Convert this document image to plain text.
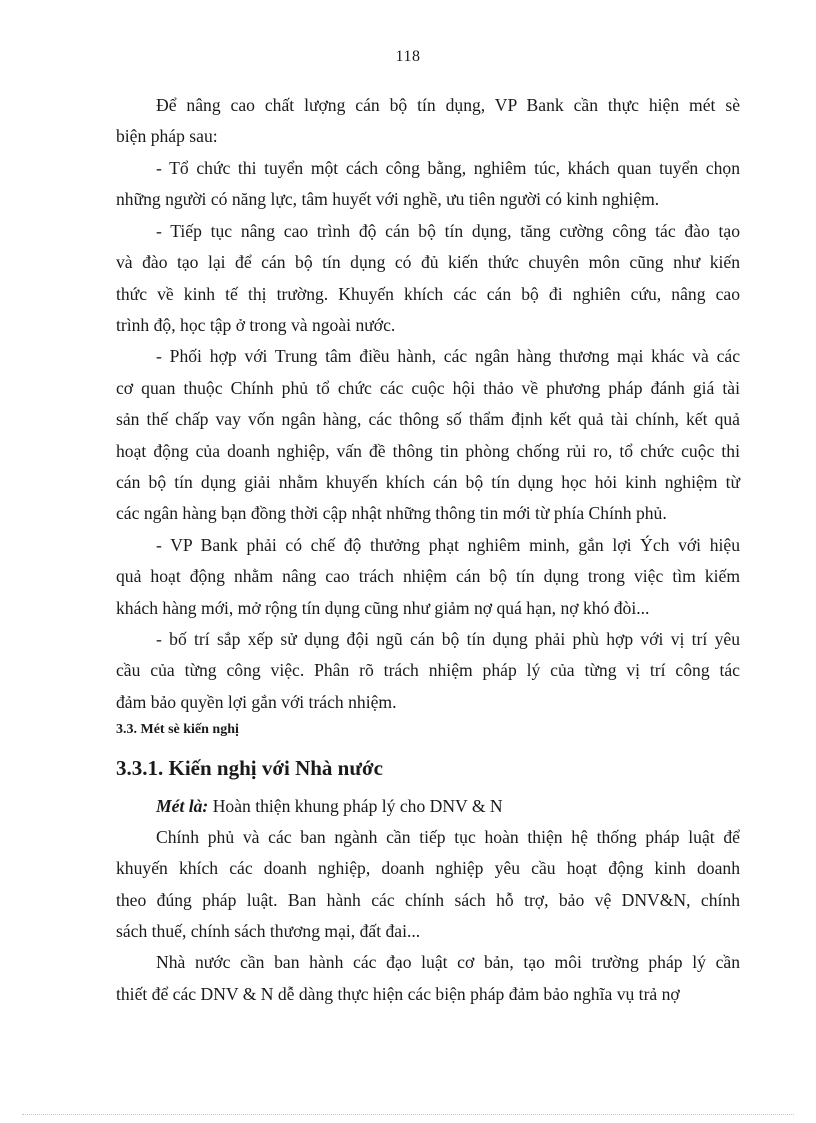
118
Để nâng cao chất lượng cán bộ tín dụng, VP Bank cần thực hiện mét sè
biện pháp sau:
- Tổ chức thi tuyển một cách công bằng, nghiêm túc, khách quan tuyển chọn
những người có năng lực, tâm huyết với nghề, ưu tiên người có kinh nghiệm.
- Tiếp tục nâng cao trình độ cán bộ tín dụng, tăng cường công tác đào tạo
và đào tạo lại để cán bộ tín dụng có đủ kiến thức chuyên môn cũng như kiến
thức về kinh tế thị trường. Khuyến khích các cán bộ đi nghiên cứu, nâng cao
trình độ, học tập ở trong và ngoài nước.
- Phối hợp với Trung tâm điều hành, các ngân hàng thương mại khác và các
cơ quan thuộc Chính phủ tổ chức các cuộc hội thảo về phương pháp đánh giá tài
sản thế chấp vay vốn ngân hàng, các thông số thẩm định kết quả tài chính, kết quả
hoạt động của doanh nghiệp, vấn đề thông tin phòng chống rủi ro, tổ chức cuộc thi
cán bộ tín dụng giải nhằm khuyến khích cán bộ tín dụng học hỏi kinh nghiệm từ
các ngân hàng bạn đồng thời cập nhật những thông tin mới từ phía Chính phủ.
- VP Bank phải có chế độ thưởng phạt nghiêm minh, gắn lợi Ých với hiệu
quả hoạt động nhằm nâng cao trách nhiệm cán bộ tín dụng trong việc tìm kiếm
khách hàng mới, mở rộng tín dụng cũng như giảm nợ quá hạn, nợ khó đòi...
- bố trí sắp xếp sử dụng đội ngũ cán bộ tín dụng phải phù hợp với vị trí yêu
cầu của từng công việc. Phân rõ trách nhiệm pháp lý của từng vị trí công tác
đảm bảo quyền lợi gắn với trách nhiệm.
3.3. Mét sè kiến nghị
3.3.1. Kiến nghị với Nhà nước
Mét là: Hoàn thiện khung pháp lý cho DNV & N
Chính phủ và các ban ngành cần tiếp tục hoàn thiện hệ thống pháp luật để
khuyến khích các doanh nghiệp, doanh nghiệp yêu cầu hoạt động kinh doanh
theo đúng pháp luật. Ban hành các chính sách hỗ trợ, bảo vệ DNV&N, chính
sách thuế, chính sách thương mại, đất đai...
Nhà nước cần ban hành các đạo luật cơ bản, tạo môi trường pháp lý cần
thiết để các DNV & N dễ dàng thực hiện các biện pháp đảm bảo nghĩa vụ trả nợ
